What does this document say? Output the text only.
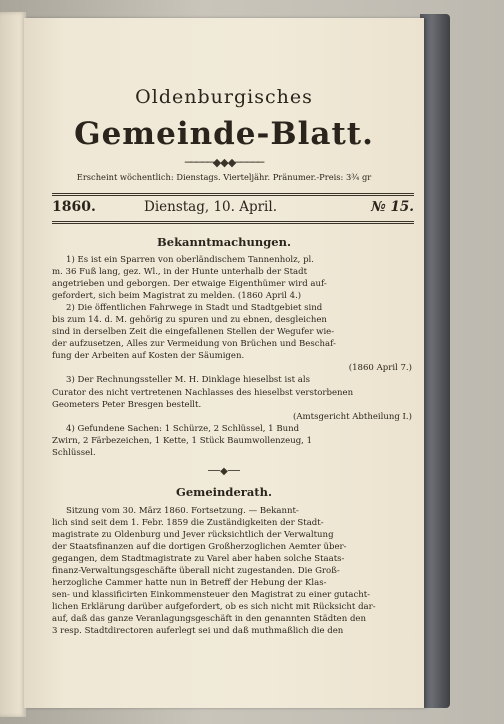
Oldenburgisches
Gemeinde-Blatt.
─────◆◆◆─────
Erscheint wöchentlich: Dienstags. Vierteljähr. Pränumer.-Preis: 3¾ gr
1860.	Dienstag, 10. April.	№ 15.
Bekanntmachungen.
1) Es ist ein Sparren von oberländischem Tannenholz, pl.
m. 36 Fuß lang, gez. Wl., in der Hunte unterhalb der Stadt
angetrieben und geborgen. Der etwaige Eigenthümer wird auf-
gefordert, sich beim Magistrat zu melden. (1860 April 4.)
2) Die öffentlichen Fahrwege in Stadt und Stadtgebiet sind
bis zum 14. d. M. gehörig zu spuren und zu ebnen, desgleichen
sind in derselben Zeit die eingefallenen Stellen der Wegufer wie-
der aufzusetzen, Alles zur Vermeidung von Brüchen und Beschaf-
fung der Arbeiten auf Kosten der Säumigen.
(1860 April 7.)
3) Der Rechnungssteller M. H. Dinklage hieselbst ist als
Curator des nicht vertretenen Nachlasses des hieselbst verstorbenen
Geometers Peter Bresgen bestellt.
(Amtsgericht Abtheilung I.)
4) Gefundene Sachen: 1 Schürze, 2 Schlüssel, 1 Bund
Zwirn, 2 Färbezeichen, 1 Kette, 1 Stück Baumwollenzeug, 1
Schlüssel.
──◆──
Gemeinderath.
Sitzung vom 30. März 1860. Fortsetzung. — Bekannt-
lich sind seit dem 1. Febr. 1859 die Zuständigkeiten der Stadt-
magistrate zu Oldenburg und Jever rücksichtlich der Verwaltung
der Staatsfinanzen auf die dortigen Großherzoglichen Aemter über-
gegangen, dem Stadtmagistrate zu Varel aber haben solche Staats-
finanz-Verwaltungsgeschäfte überall nicht zugestanden. Die Groß-
herzogliche Cammer hatte nun in Betreff der Hebung der Klas-
sen- und klassificirten Einkommensteuer den Magistrat zu einer gutacht-
lichen Erklärung darüber aufgefordert, ob es sich nicht mit Rücksicht dar-
auf, daß das ganze Veranlagungsgeschäft in den genannten Städten den
3 resp. Stadtdirectoren auferlegt sei und daß muthmaßlich die den
